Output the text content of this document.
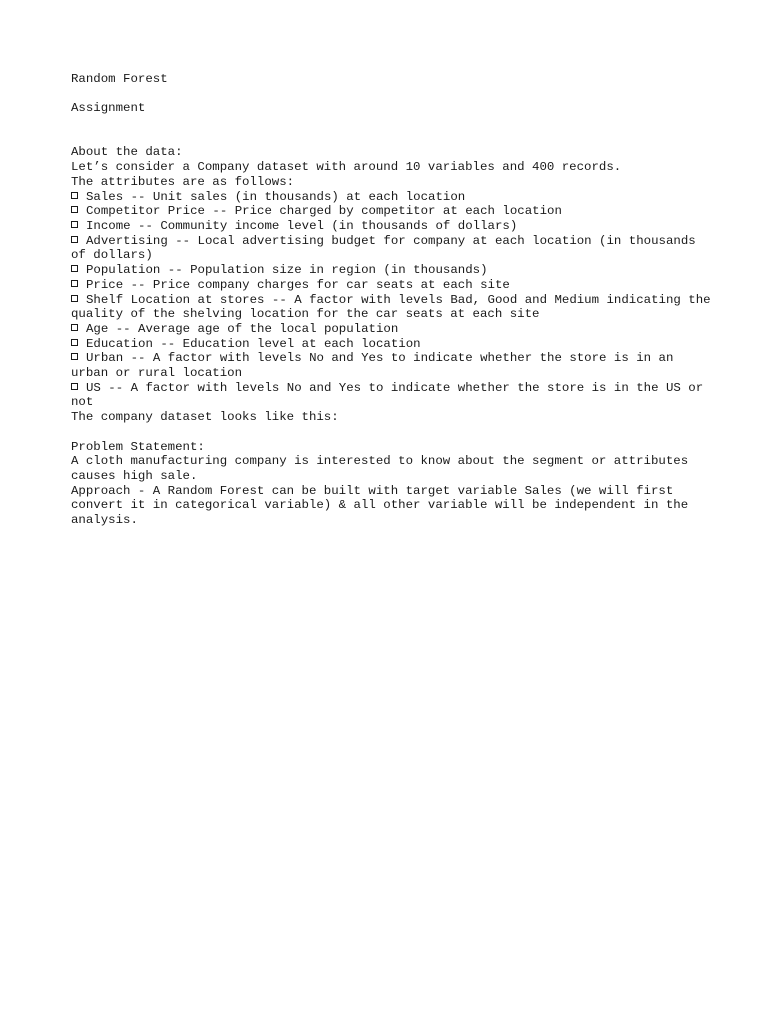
Random Forest
Assignment
About the data:
Let’s consider a Company dataset with around 10 variables and 400 records.
The attributes are as follows:
Sales -- Unit sales (in thousands) at each location
Competitor Price -- Price charged by competitor at each location
Income -- Community income level (in thousands of dollars)
Advertising -- Local advertising budget for company at each location (in thousands of dollars)
Population -- Population size in region (in thousands)
Price -- Price company charges for car seats at each site
Shelf Location at stores -- A factor with levels Bad, Good and Medium indicating the quality of the shelving location for the car seats at each site
Age -- Average age of the local population
Education -- Education level at each location
Urban -- A factor with levels No and Yes to indicate whether the store is in an urban or rural location
US -- A factor with levels No and Yes to indicate whether the store is in the US or not
The company dataset looks like this:
Problem Statement:
A cloth manufacturing company is interested to know about the segment or attributes causes high sale.
Approach - A Random Forest can be built with target variable Sales (we will first convert it in categorical variable) & all other variable will be independent in the analysis.
